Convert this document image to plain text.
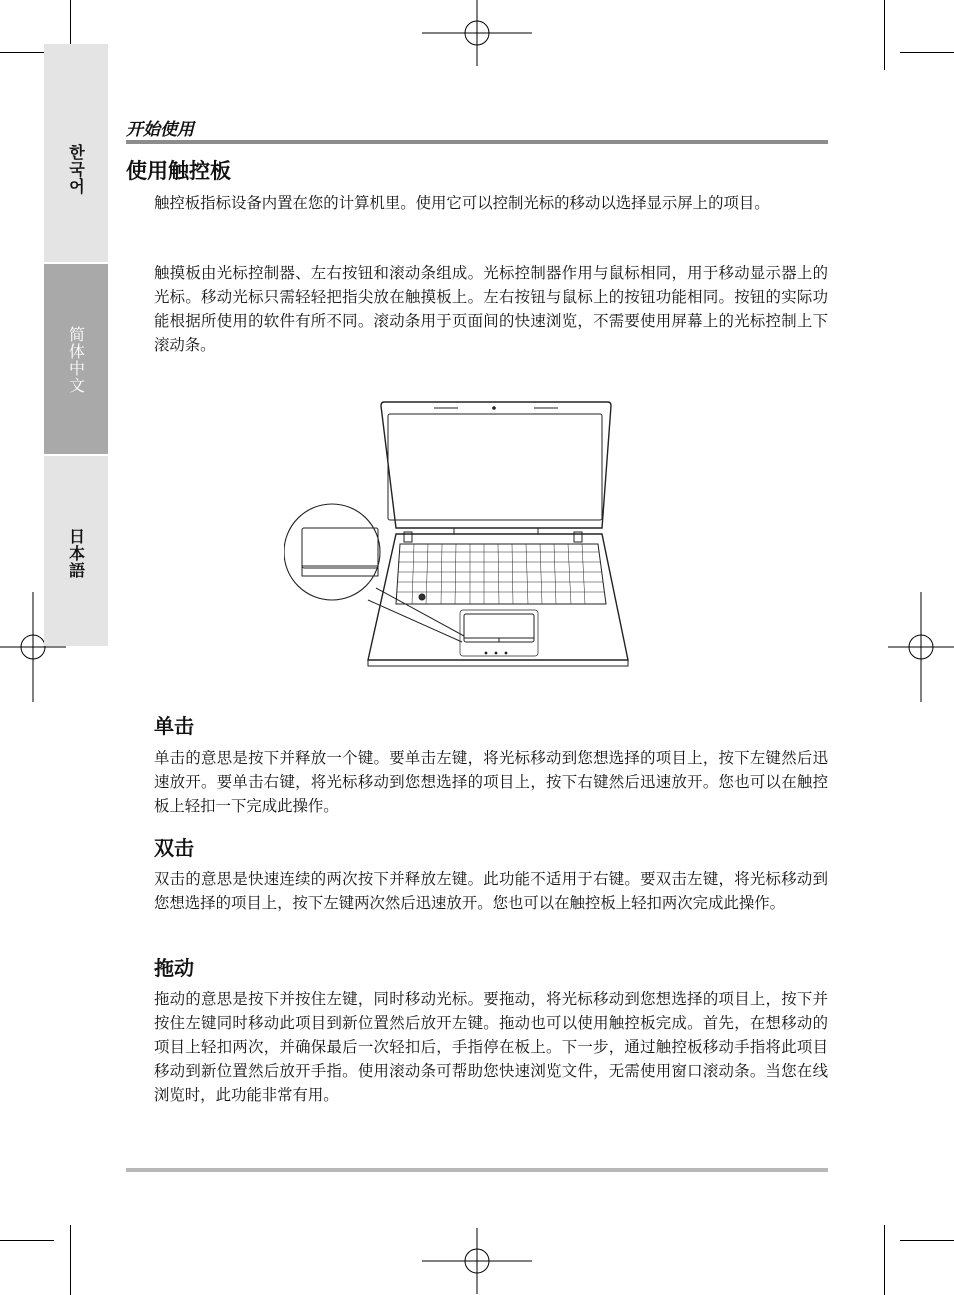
한국어
简体中文
日本語
开始使用
使用触控板

触控板指标设备内置在您的计算机里。使用它可以控制光标的移动以选择显示屏上的项目。

触摸板由光标控制器、左右按钮和滚动条组成。光标控制器作用与鼠标相同，用于移动显示器上的光标。移动光标只需轻轻把指尖放在触摸板上。左右按钮与鼠标上的按钮功能相同。按钮的实际功能根据所使用的软件有所不同。滚动条用于页面间的快速浏览，不需要使用屏幕上的光标控制上下滚动条。

单击

单击的意思是按下并释放一个键。要单击左键，将光标移动到您想选择的项目上，按下左键然后迅速放开。要单击右键，将光标移动到您想选择的项目上，按下右键然后迅速放开。您也可以在触控板上轻扣一下完成此操作。

双击

双击的意思是快速连续的两次按下并释放左键。此功能不适用于右键。要双击左键，将光标移动到您想选择的项目上，按下左键两次然后迅速放开。您也可以在触控板上轻扣两次完成此操作。

拖动

拖动的意思是按下并按住左键，同时移动光标。要拖动，将光标移动到您想选择的项目上，按下并按住左键同时移动此项目到新位置然后放开左键。拖动也可以使用触控板完成。首先，在想移动的项目上轻扣两次，并确保最后一次轻扣后，手指停在板上。下一步，通过触控板移动手指将此项目移动到新位置然后放开手指。使用滚动条可帮助您快速浏览文件，无需使用窗口滚动条。当您在线浏览时，此功能非常有用。
